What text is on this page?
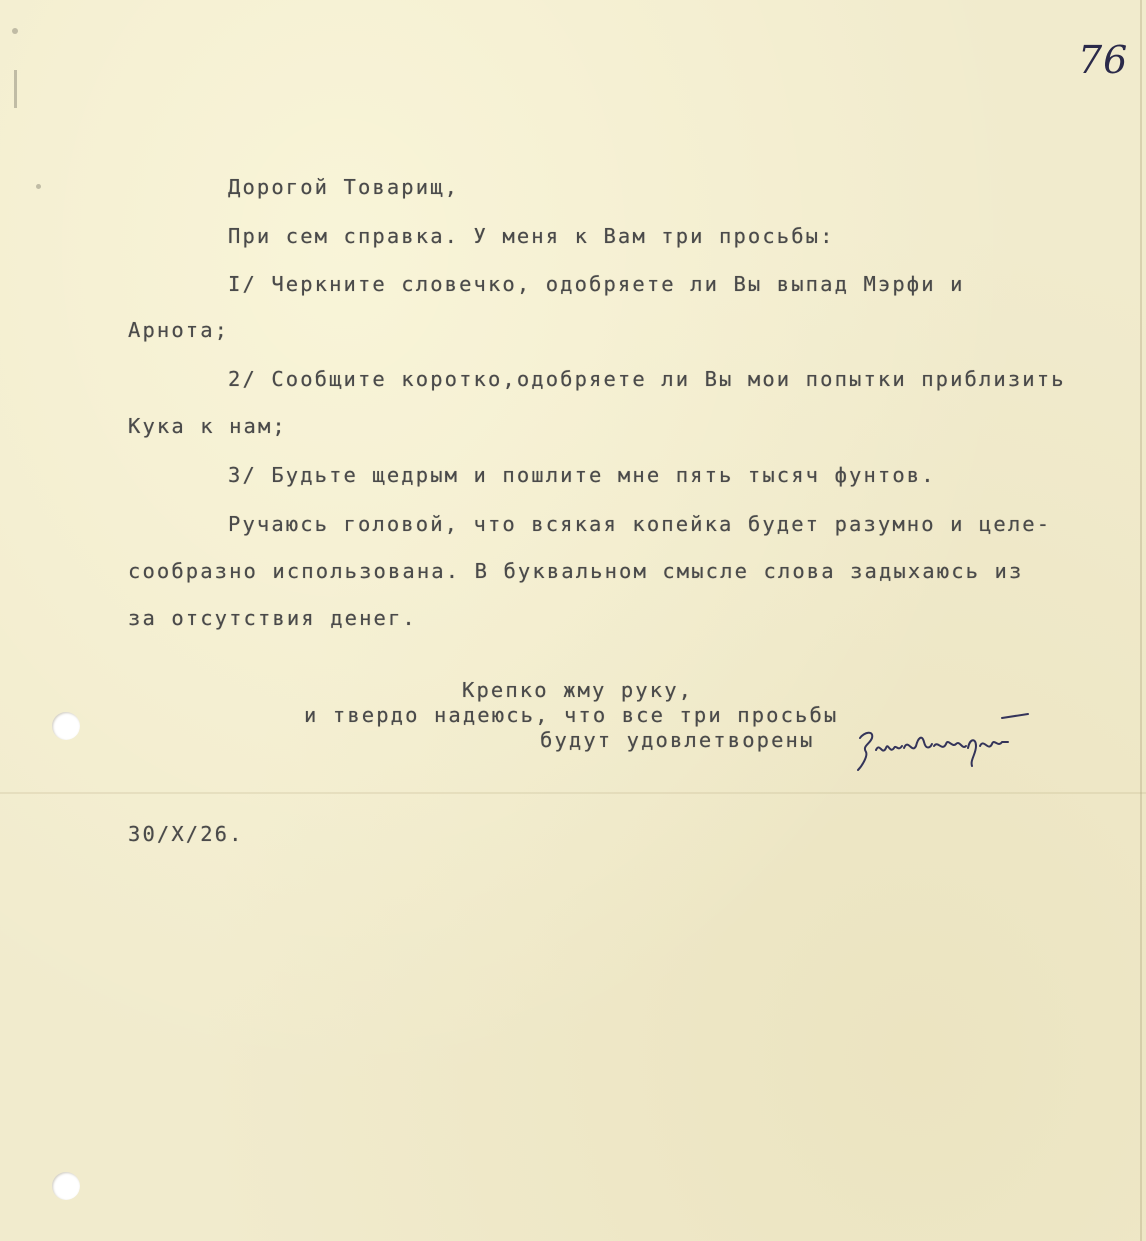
76
Дорогой Товарищ,
При сем справка. У меня к Вам три просьбы:
I/ Черкните словечко, одобряете ли Вы выпад Мэрфи и
Арнота;
2/ Сообщите коротко,одобряете ли Вы мои попытки приблизить
Кука к нам;
3/ Будьте щедрым и пошлите мне пять тысяч фунтов.
Ручаюсь головой, что всякая копейка будет разумно и целе-
сообразно использована. В буквальном смысле слова задыхаюсь из
за отсутствия денег.
Крепко жму руку,
и твердо надеюсь, что все три просьбы
будут удовлетворены
30/X/26.
